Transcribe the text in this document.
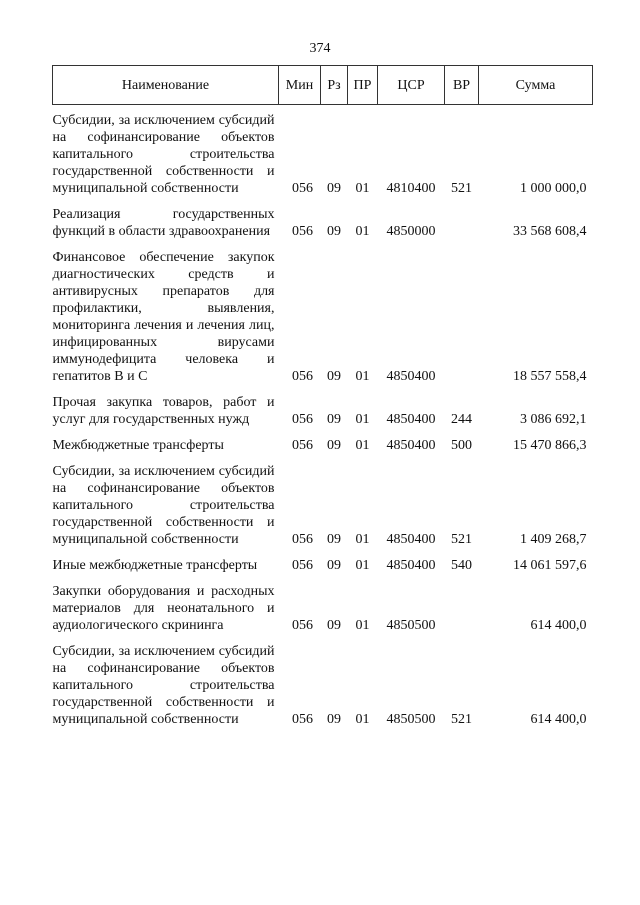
374
Наименование	Мин	Рз	ПР	ЦСР	ВР	Сумма
Субсидии, за исключением субсидий на софинансирование объектов капитального строительства государственной собственности и муниципальной собственности	056	09	01	4810400	521	1 000 000,0
Реализация государственных функций в области здравоохранения	056	09	01	4850000		33 568 608,4
Финансовое обеспечение закупок диагностических средств и антивирусных препаратов для профилактики, выявления, мониторинга лечения и лечения лиц, инфицированных вирусами иммунодефицита человека и гепатитов В и С	056	09	01	4850400		18 557 558,4
Прочая закупка товаров, работ и услуг для государственных нужд	056	09	01	4850400	244	3 086 692,1
Межбюджетные трансферты	056	09	01	4850400	500	15 470 866,3
Субсидии, за исключением субсидий на софинансирование объектов капитального строительства государственной собственности и муниципальной собственности	056	09	01	4850400	521	1 409 268,7
Иные межбюджетные трансферты	056	09	01	4850400	540	14 061 597,6
Закупки оборудования и расходных материалов для неонатального и аудиологического скрининга	056	09	01	4850500		614 400,0
Субсидии, за исключением субсидий на софинансирование объектов капитального строительства государственной собственности и муниципальной собственности	056	09	01	4850500	521	614 400,0
